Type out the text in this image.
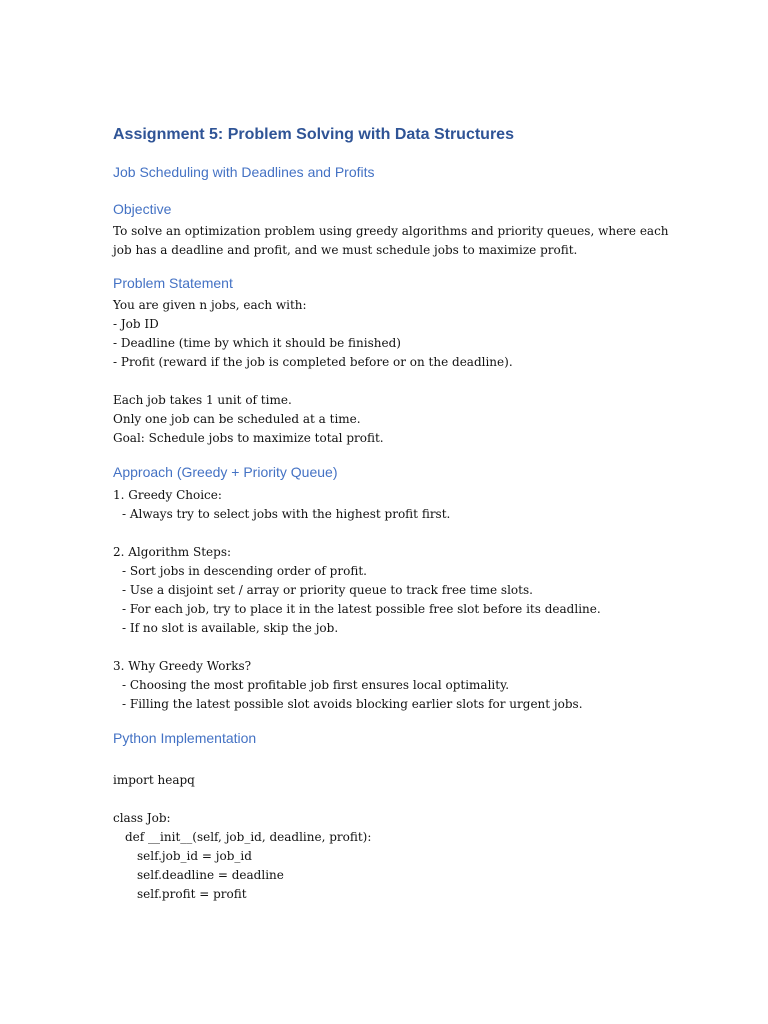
Assignment 5: Problem Solving with Data Structures
Job Scheduling with Deadlines and Profits
Objective
To solve an optimization problem using greedy algorithms and priority queues, where each
job has a deadline and profit, and we must schedule jobs to maximize profit.
Problem Statement
You are given n jobs, each with:
- Job ID
- Deadline (time by which it should be finished)
- Profit (reward if the job is completed before or on the deadline).
Each job takes 1 unit of time.
Only one job can be scheduled at a time.
Goal: Schedule jobs to maximize total profit.
Approach (Greedy + Priority Queue)
1. Greedy Choice:
- Always try to select jobs with the highest profit first.
2. Algorithm Steps:
- Sort jobs in descending order of profit.
- Use a disjoint set / array or priority queue to track free time slots.
- For each job, try to place it in the latest possible free slot before its deadline.
- If no slot is available, skip the job.
3. Why Greedy Works?
- Choosing the most profitable job first ensures local optimality.
- Filling the latest possible slot avoids blocking earlier slots for urgent jobs.
Python Implementation
import heapq
class Job:
def __init__(self, job_id, deadline, profit):
self.job_id = job_id
self.deadline = deadline
self.profit = profit
